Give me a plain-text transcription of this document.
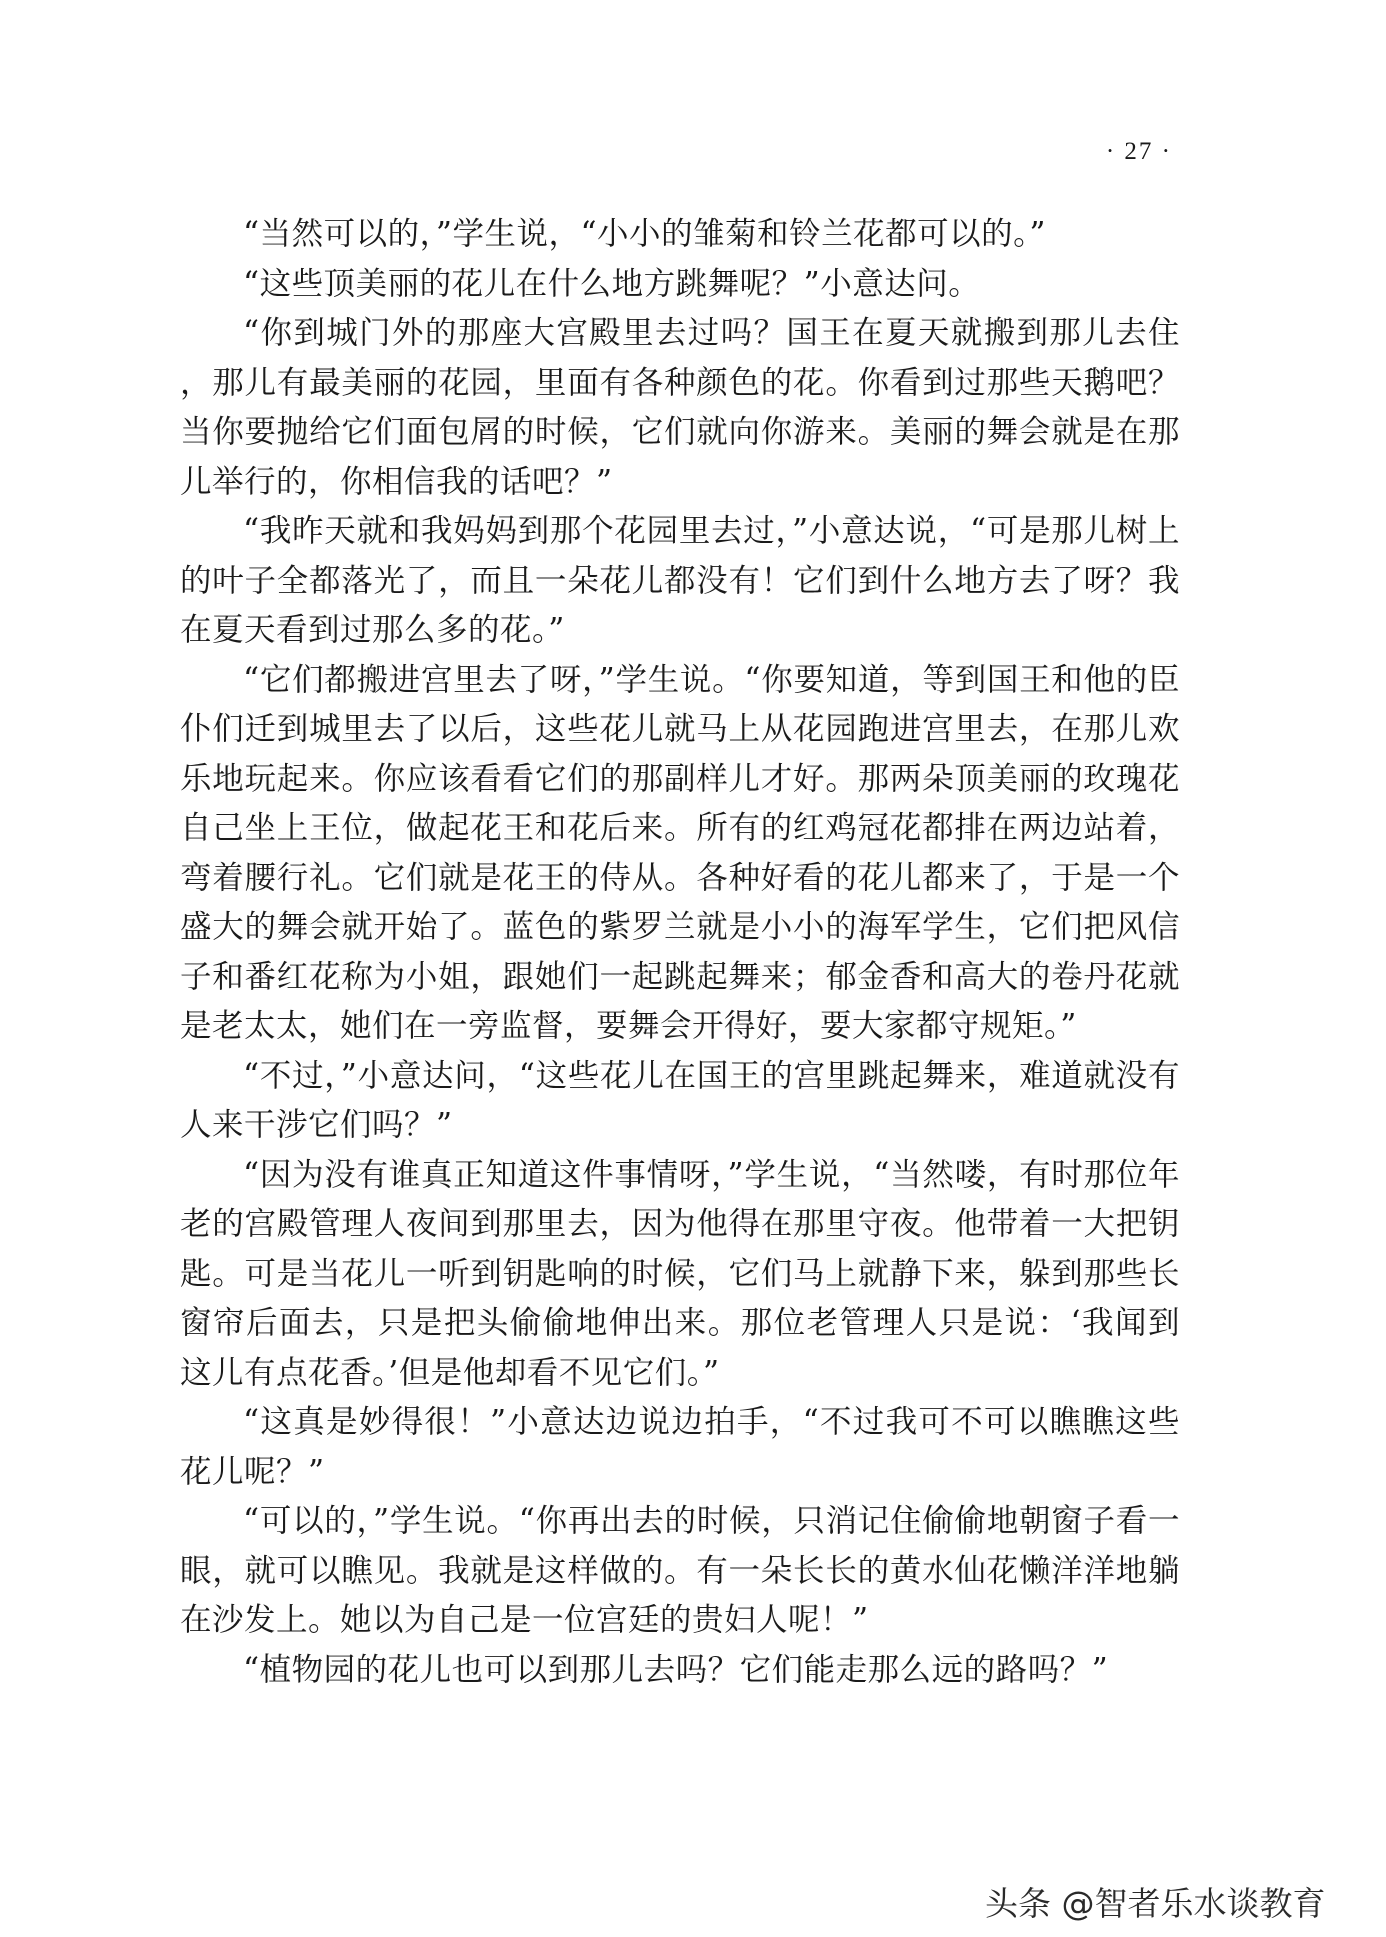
· 27 ·

“当然可以的，”学生说，“小小的雏菊和铃兰花都可以的。”

“这些顶美丽的花儿在什么地方跳舞呢？”小意达问。

“你到城门外的那座大宫殿里去过吗？国王在夏天就搬到那儿去住，那儿有最美丽的花园，里面有各种颜色的花。你看到过那些天鹅吧？当你要抛给它们面包屑的时候，它们就向你游来。美丽的舞会就是在那儿举行的，你相信我的话吧？”

“我昨天就和我妈妈到那个花园里去过，”小意达说，“可是那儿树上的叶子全都落光了，而且一朵花儿都没有！它们到什么地方去了呀？我在夏天看到过那么多的花。”

“它们都搬进宫里去了呀，”学生说。“你要知道，等到国王和他的臣仆们迁到城里去了以后，这些花儿就马上从花园跑进宫里去，在那儿欢乐地玩起来。你应该看看它们的那副样儿才好。那两朵顶美丽的玫瑰花自己坐上王位，做起花王和花后来。所有的红鸡冠花都排在两边站着，弯着腰行礼。它们就是花王的侍从。各种好看的花儿都来了，于是一个盛大的舞会就开始了。蓝色的紫罗兰就是小小的海军学生，它们把风信子和番红花称为小姐，跟她们一起跳起舞来；郁金香和高大的卷丹花就是老太太，她们在一旁监督，要舞会开得好，要大家都守规矩。”

“不过，”小意达问，“这些花儿在国王的宫里跳起舞来，难道就没有人来干涉它们吗？”

“因为没有谁真正知道这件事情呀，”学生说，“当然喽，有时那位年老的宫殿管理人夜间到那里去，因为他得在那里守夜。他带着一大把钥匙。可是当花儿一听到钥匙响的时候，它们马上就静下来，躲到那些长窗帘后面去，只是把头偷偷地伸出来。那位老管理人只是说：‘我闻到这儿有点花香。’但是他却看不见它们。”

“这真是妙得很！”小意达边说边拍手，“不过我可不可以瞧瞧这些花儿呢？”

“可以的，”学生说。“你再出去的时候，只消记住偷偷地朝窗子看一眼，就可以瞧见。我就是这样做的。有一朵长长的黄水仙花懒洋洋地躺在沙发上。她以为自己是一位宫廷的贵妇人呢！”

“植物园的花儿也可以到那儿去吗？它们能走那么远的路吗？”

头条 @智者乐水谈教育
